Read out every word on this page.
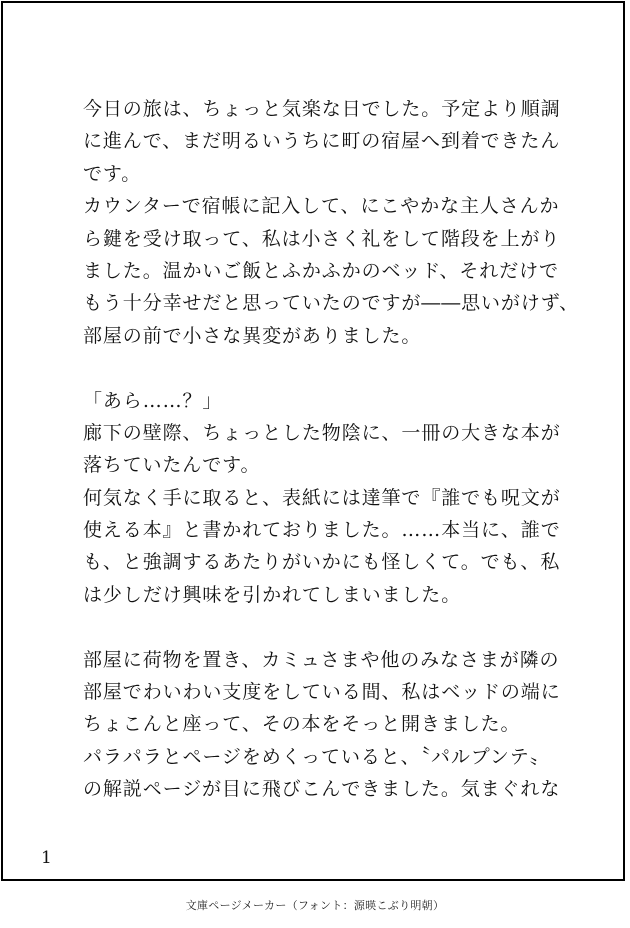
今日の旅は、ちょっと気楽な日でした。予定より順調
に進んで、まだ明るいうちに町の宿屋へ到着できたん
です。
カウンターで宿帳に記入して、にこやかな主人さんか
ら鍵を受け取って、私は小さく礼をして階段を上がり
ました。温かいご飯とふかふかのベッド、それだけで
もう十分幸せだと思っていたのですが――思いがけず、
部屋の前で小さな異変がありました。
「あら……？」
廊下の壁際、ちょっとした物陰に、一冊の大きな本が
落ちていたんです。
何気なく手に取ると、表紙には達筆で『誰でも呪文が
使える本』と書かれておりました。……本当に、誰で
も、と強調するあたりがいかにも怪しくて。でも、私
は少しだけ興味を引かれてしまいました。
部屋に荷物を置き、カミュさまや他のみなさまが隣の
部屋でわいわい支度をしている間、私はベッドの端に
ちょこんと座って、その本をそっと開きました。
パラパラとページをめくっていると、〝パルプンテ〟
の解説ページが目に飛びこんできました。気まぐれな
1
文庫ページメーカー（フォント：源暎こぶり明朝）
